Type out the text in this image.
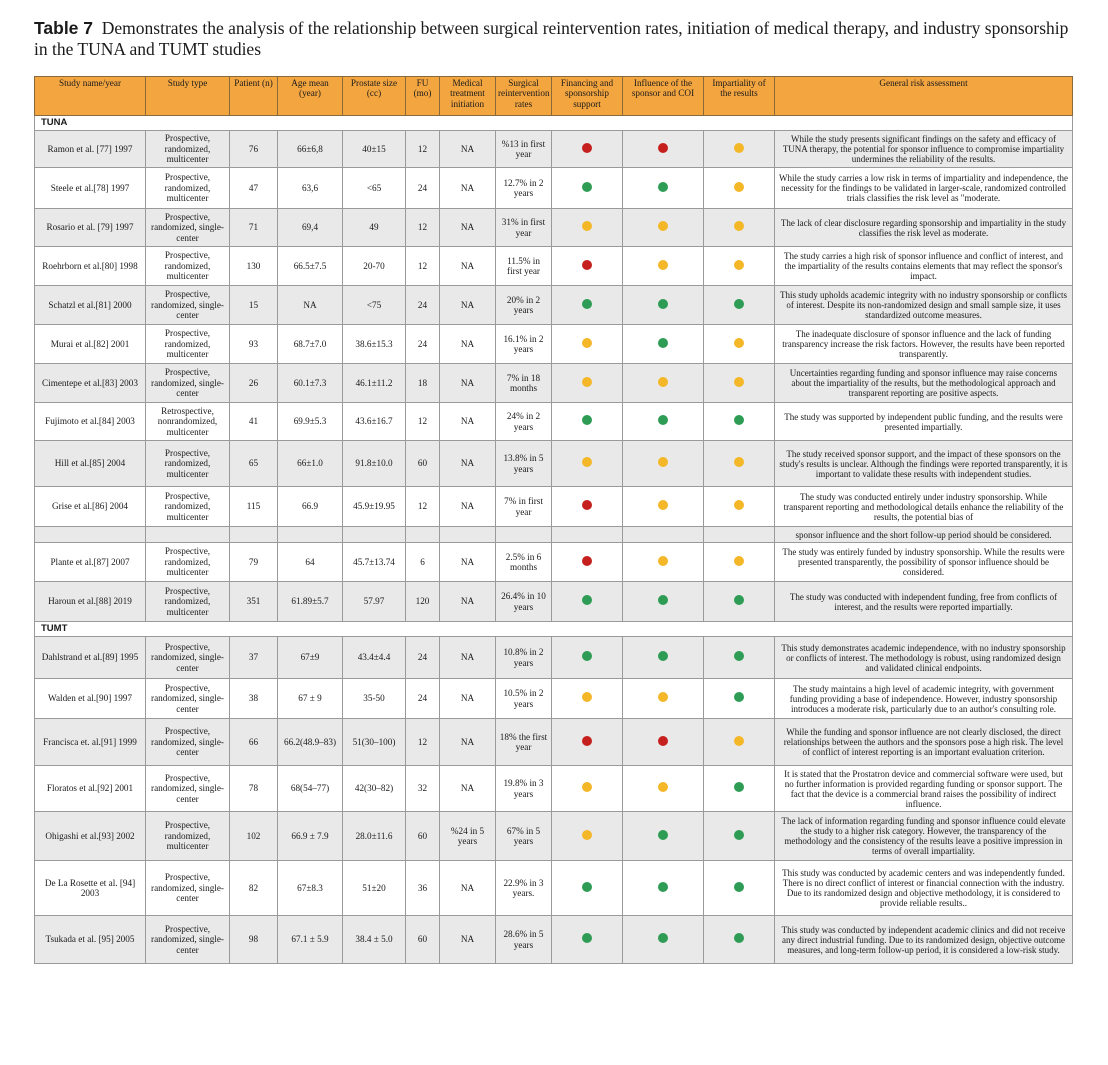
Table 7 Demonstrates the analysis of the relationship between surgical reintervention rates, initiation of medical therapy, and industry sponsorship in the TUNA and TUMT studies
Study name/year	Study type	Patient (n)	Age mean (year)	Prostate size (cc)	FU (mo)	Medical treatment initiation	Surgical reintervention rates	Financing and sponsorship support	Influence of the sponsor and COI	Impartiality of the results	General risk assessment
TUNA											
Ramon et al. [77] 1997	Prospective, randomized, multicenter	76	66±6,8	40±15	12	NA	%13 in first year				While the study presents significant findings on the safety and efficacy of TUNA therapy, the potential for sponsor influence to compromise impartiality undermines the reliability of the results.
Steele et al.[78] 1997	Prospective, randomized, multicenter	47	63,6	<65	24	NA	12.7% in 2 years				While the study carries a low risk in terms of impartiality and independence, the necessity for the findings to be validated in larger-scale, randomized controlled trials classifies the risk level as "moderate.
Rosario et al. [79] 1997	Prospective, randomized, single-center	71	69,4	49	12	NA	31% in first year				The lack of clear disclosure regarding sponsorship and impartiality in the study classifies the risk level as moderate.
Roehrborn et al.[80] 1998	Prospective, randomized, multicenter	130	66.5±7.5	20-70	12	NA	11.5% in first year				The study carries a high risk of sponsor influence and conflict of interest, and the impartiality of the results contains elements that may reflect the sponsor's impact.
Schatzl et al.[81] 2000	Prospective, randomized, single-center	15	NA	<75	24	NA	20% in 2 years				This study upholds academic integrity with no industry sponsorship or conflicts of interest. Despite its non-randomized design and small sample size, it uses standardized outcome measures.
Murai et al.[82] 2001	Prospective, randomized, multicenter	93	68.7±7.0	38.6±15.3	24	NA	16.1% in 2 years				The inadequate disclosure of sponsor influence and the lack of funding transparency increase the risk factors. However, the results have been reported transparently.
Cimentepe et al.[83] 2003	Prospective, randomized, single-center	26	60.1±7.3	46.1±11.2	18	NA	7% in 18 months				Uncertainties regarding funding and sponsor influence may raise concerns about the impartiality of the results, but the methodological approach and transparent reporting are positive aspects.
Fujimoto et al.[84] 2003	Retrospective, nonrandomized, multicenter	41	69.9±5.3	43.6±16.7	12	NA	24% in 2 years				The study was supported by independent public funding, and the results were presented impartially.
Hill et al.[85] 2004	Prospective, randomized, multicenter	65	66±1.0	91.8±10.0	60	NA	13.8% in 5 years				The study received sponsor support, and the impact of these sponsors on the study's results is unclear. Although the findings were reported transparently, it is important to validate these results with independent studies.
Grise et al.[86] 2004	Prospective, randomized, multicenter	115	66.9	45.9±19.95	12	NA	7% in first year				The study was conducted entirely under industry sponsorship. While transparent reporting and methodological details enhance the reliability of the results, the potential bias of
											sponsor influence and the short follow-up period should be considered.
Plante et al.[87] 2007	Prospective, randomized, multicenter	79	64	45.7±13.74	6	NA	2.5% in 6 months				The study was entirely funded by industry sponsorship. While the results were presented transparently, the possibility of sponsor influence should be considered.
Haroun et al.[88] 2019	Prospective, randomized, multicenter	351	61.89±5.7	57.97	120	NA	26.4% in 10 years				The study was conducted with independent funding, free from conflicts of interest, and the results were reported impartially.
TUMT											
Dahlstrand et al.[89] 1995	Prospective, randomized, single-center	37	67±9	43.4±4.4	24	NA	10.8% in 2 years				This study demonstrates academic independence, with no industry sponsorship or conflicts of interest. The methodology is robust, using randomized design and validated clinical endpoints.
Walden et al.[90] 1997	Prospective, randomized, single-center	38	67 ± 9	35-50	24	NA	10.5% in 2 years				The study maintains a high level of academic integrity, with government funding providing a base of independence. However, industry sponsorship introduces a moderate risk, particularly due to an author's consulting role.
Francisca et. al.[91] 1999	Prospective, randomized, single-center	66	66.2(48.9–83)	51(30–100)	12	NA	18% the first year				While the funding and sponsor influence are not clearly disclosed, the direct relationships between the authors and the sponsors pose a high risk. The level of conflict of interest reporting is an important evaluation criterion.
Floratos et al.[92] 2001	Prospective, randomized, single-center	78	68(54–77)	42(30–82)	32	NA	19.8% in 3 years				It is stated that the Prostatron device and commercial software were used, but no further information is provided regarding funding or sponsor support. The fact that the device is a commercial brand raises the possibility of indirect influence.
Ohigashi et al.[93] 2002	Prospective, randomized, multicenter	102	66.9 ± 7.9	28.0±11.6	60	%24 in 5 years	67% in 5 years				The lack of information regarding funding and sponsor influence could elevate the study to a higher risk category. However, the transparency of the methodology and the consistency of the results leave a positive impression in terms of overall impartiality.
De La Rosette et al. [94] 2003	Prospective, randomized, single-center	82	67±8.3	51±20	36	NA	22.9% in 3 years.				This study was conducted by academic centers and was independently funded. There is no direct conflict of interest or financial connection with the industry. Due to its randomized design and objective methodology, it is considered to provide reliable results..
Tsukada et al. [95] 2005	Prospective, randomized, single-center	98	67.1 ± 5.9	38.4 ± 5.0	60	NA	28.6% in 5 years				This study was conducted by independent academic clinics and did not receive any direct industrial funding. Due to its randomized design, objective outcome measures, and long-term follow-up period, it is considered a low-risk study.
